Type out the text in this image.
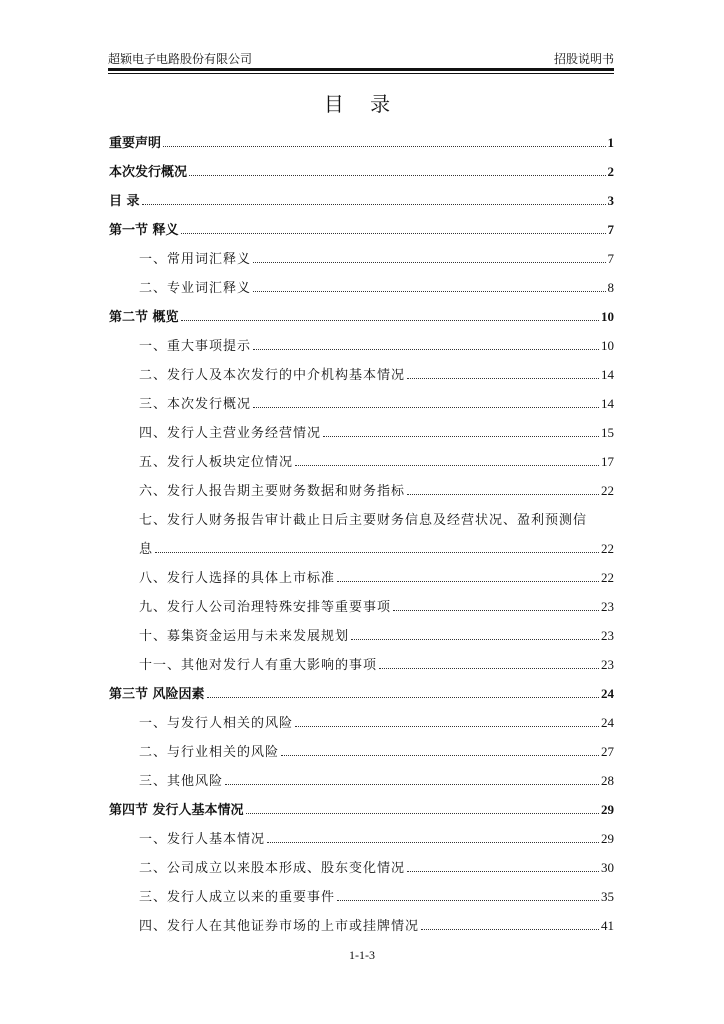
超颖电子电路股份有限公司	招股说明书
目 录
重要声明	1
本次发行概况	2
目 录	3
第一节 释义	7
一、常用词汇释义	7
二、专业词汇释义	8
第二节 概览	10
一、重大事项提示	10
二、发行人及本次发行的中介机构基本情况	14
三、本次发行概况	14
四、发行人主营业务经营情况	15
五、发行人板块定位情况	17
六、发行人报告期主要财务数据和财务指标	22
七、发行人财务报告审计截止日后主要财务信息及经营状况、盈利预测信
息	22
八、发行人选择的具体上市标准	22
九、发行人公司治理特殊安排等重要事项	23
十、募集资金运用与未来发展规划	23
十一、其他对发行人有重大影响的事项	23
第三节 风险因素	24
一、与发行人相关的风险	24
二、与行业相关的风险	27
三、其他风险	28
第四节 发行人基本情况	29
一、发行人基本情况	29
二、公司成立以来股本形成、股东变化情况	30
三、发行人成立以来的重要事件	35
四、发行人在其他证券市场的上市或挂牌情况	41
1-1-3
